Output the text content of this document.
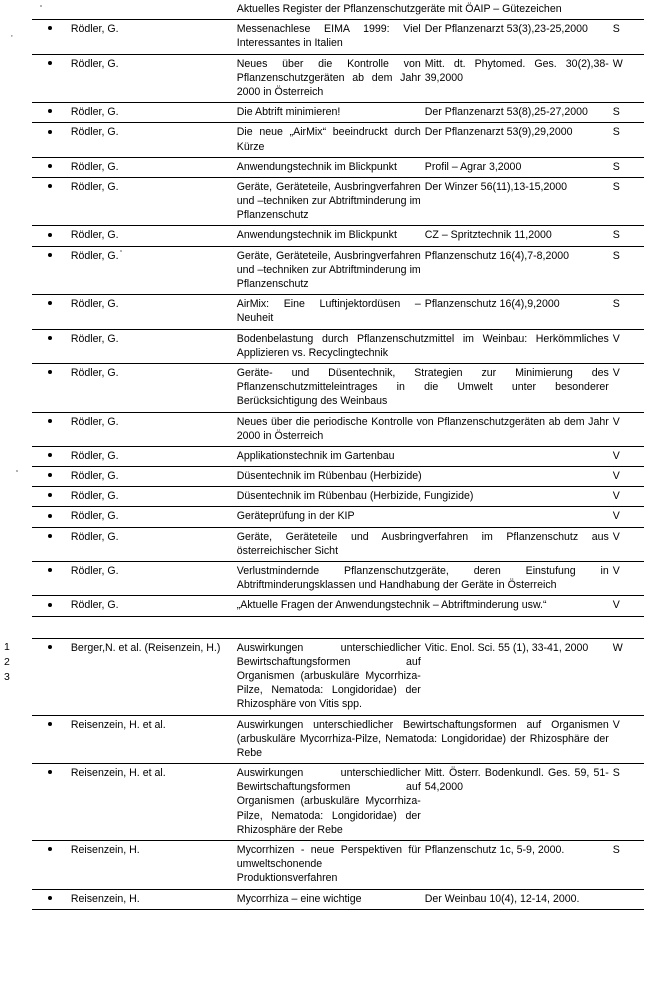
·
1
2
3
		Aktuelles Register der Pflanzenschutzgeräte mit ÖAIP – Gütezeichen		
	Rödler, G.	Messenachlese EIMA 1999: Viel Interessantes in Italien	Der Pflanzenarzt 53(3),23-25,2000	S
	Rödler, G.	Neues über die Kontrolle von Pflanzenschutzgeräten ab dem Jahr 2000 in Österreich	Mitt. dt. Phytomed. Ges. 30(2),38-39,2000	W
	Rödler, G.	Die Abtrift minimieren!	Der Pflanzenarzt 53(8),25-27,2000	S
	Rödler, G.	Die neue „AirMix“ beeindruckt durch Kürze	Der Pflanzenarzt 53(9),29,2000	S
	Rödler, G.	Anwendungstechnik im Blickpunkt	Profil – Agrar 3,2000	S
	Rödler, G.	Geräte, Geräteteile, Ausbringverfahren und –techniken zur Abtriftminderung im Pflanzenschutz	Der Winzer 56(11),13-15,2000	S
	Rödler, G.	Anwendungstechnik im Blickpunkt	CZ – Spritztechnik 11,2000	S
	Rödler, G.	Geräte, Geräteteile, Ausbringverfahren und –techniken zur Abtriftminderung im Pflanzenschutz	Pflanzenschutz 16(4),7-8,2000	S
	Rödler, G.	AirMix: Eine Luftinjektordüsen – Neuheit	Pflanzenschutz 16(4),9,2000	S
	Rödler, G.	Bodenbelastung durch Pflanzenschutzmittel im Weinbau: Herkömmliches Applizieren vs. Recyclingtechnik		V
	Rödler, G.	Geräte- und Düsentechnik, Strategien zur Minimierung des Pflanzenschutzmitteleintrages in die Umwelt unter besonderer Berücksichtigung des Weinbaus		V
	Rödler, G.	Neues über die periodische Kontrolle von Pflanzenschutzgeräten ab dem Jahr 2000 in Österreich		V
	Rödler, G.	Applikationstechnik im Gartenbau		V
	Rödler, G.	Düsentechnik im Rübenbau (Herbizide)		V
	Rödler, G.	Düsentechnik im Rübenbau (Herbizide, Fungizide)		V
	Rödler, G.	Geräteprüfung in der KIP		V
	Rödler, G.	Geräte, Geräteteile und Ausbringverfahren im Pflanzenschutz aus österreichischer Sicht		V
	Rödler, G.	Verlustmindernde Pflanzenschutzgeräte, deren Einstufung in Abtriftminderungsklassen und Handhabung der Geräte in Österreich		V
	Rödler, G.	„Aktuelle Fragen der Anwendungstechnik – Abtriftminderung usw.“		V

	Berger,N. et al. (Reisenzein, H.)	Auswirkungen unterschiedlicher Bewirtschaftungsformen auf Organismen (arbuskuläre Mycorrhiza-Pilze, Nematoda: Longidoridae) der Rhizosphäre von Vitis spp.	Vitic. Enol. Sci. 55 (1), 33-41, 2000	W
	Reisenzein, H. et al.	Auswirkungen unterschiedlicher Bewirtschaftungsformen auf Organismen (arbuskuläre Mycorrhiza-Pilze, Nematoda: Longidoridae) der Rhizosphäre der Rebe		V
	Reisenzein, H. et al.	Auswirkungen unterschiedlicher Bewirtschaftungsformen auf Organismen (arbuskuläre Mycorrhiza-Pilze, Nematoda: Longidoridae) der Rhizosphäre der Rebe	Mitt. Österr. Bodenkundl. Ges. 59, 51-54,2000	S
	Reisenzein, H.	Mycorrhizen - neue Perspektiven für umweltschonende Produktionsverfahren	Pflanzenschutz 1c, 5-9, 2000.	S
	Reisenzein, H.	Mycorrhiza – eine wichtige	Der Weinbau 10(4), 12-14, 2000.	
